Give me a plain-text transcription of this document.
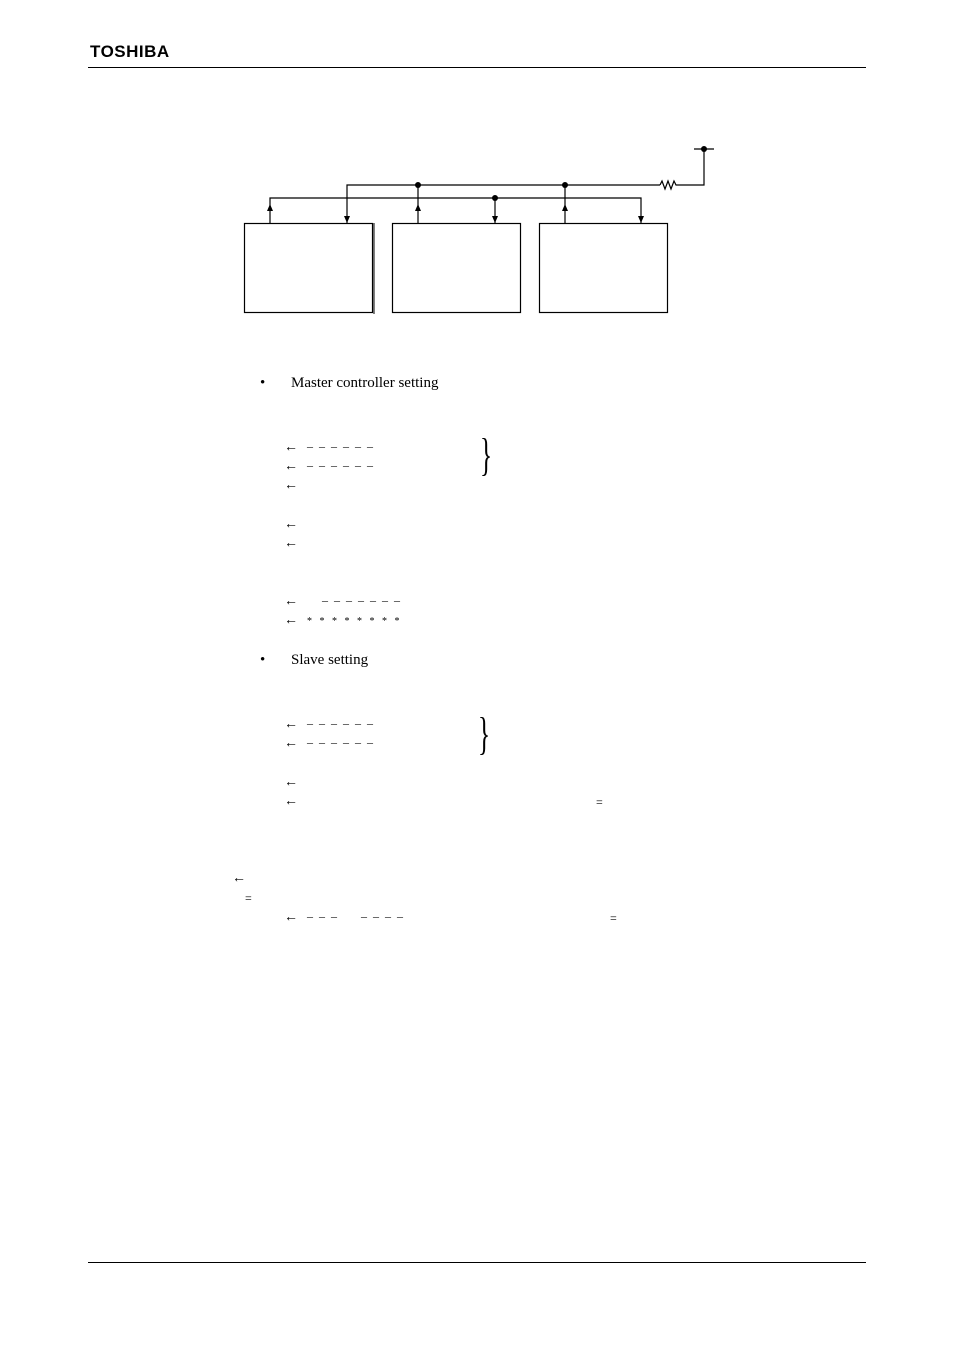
TOSHIBA
• Master controller setting
← –  –  –  –  –  –
← –  –  –  –  –  – }
←
←
←
← –  –  –  –  –  –  –
← *   *   *   *   *   *   *   *
• Slave setting
← –  –  –  –  –  –
← –  –  –  –  –  – }
←
←	=
←
=
← –  –  –        –  –  –  –	=
